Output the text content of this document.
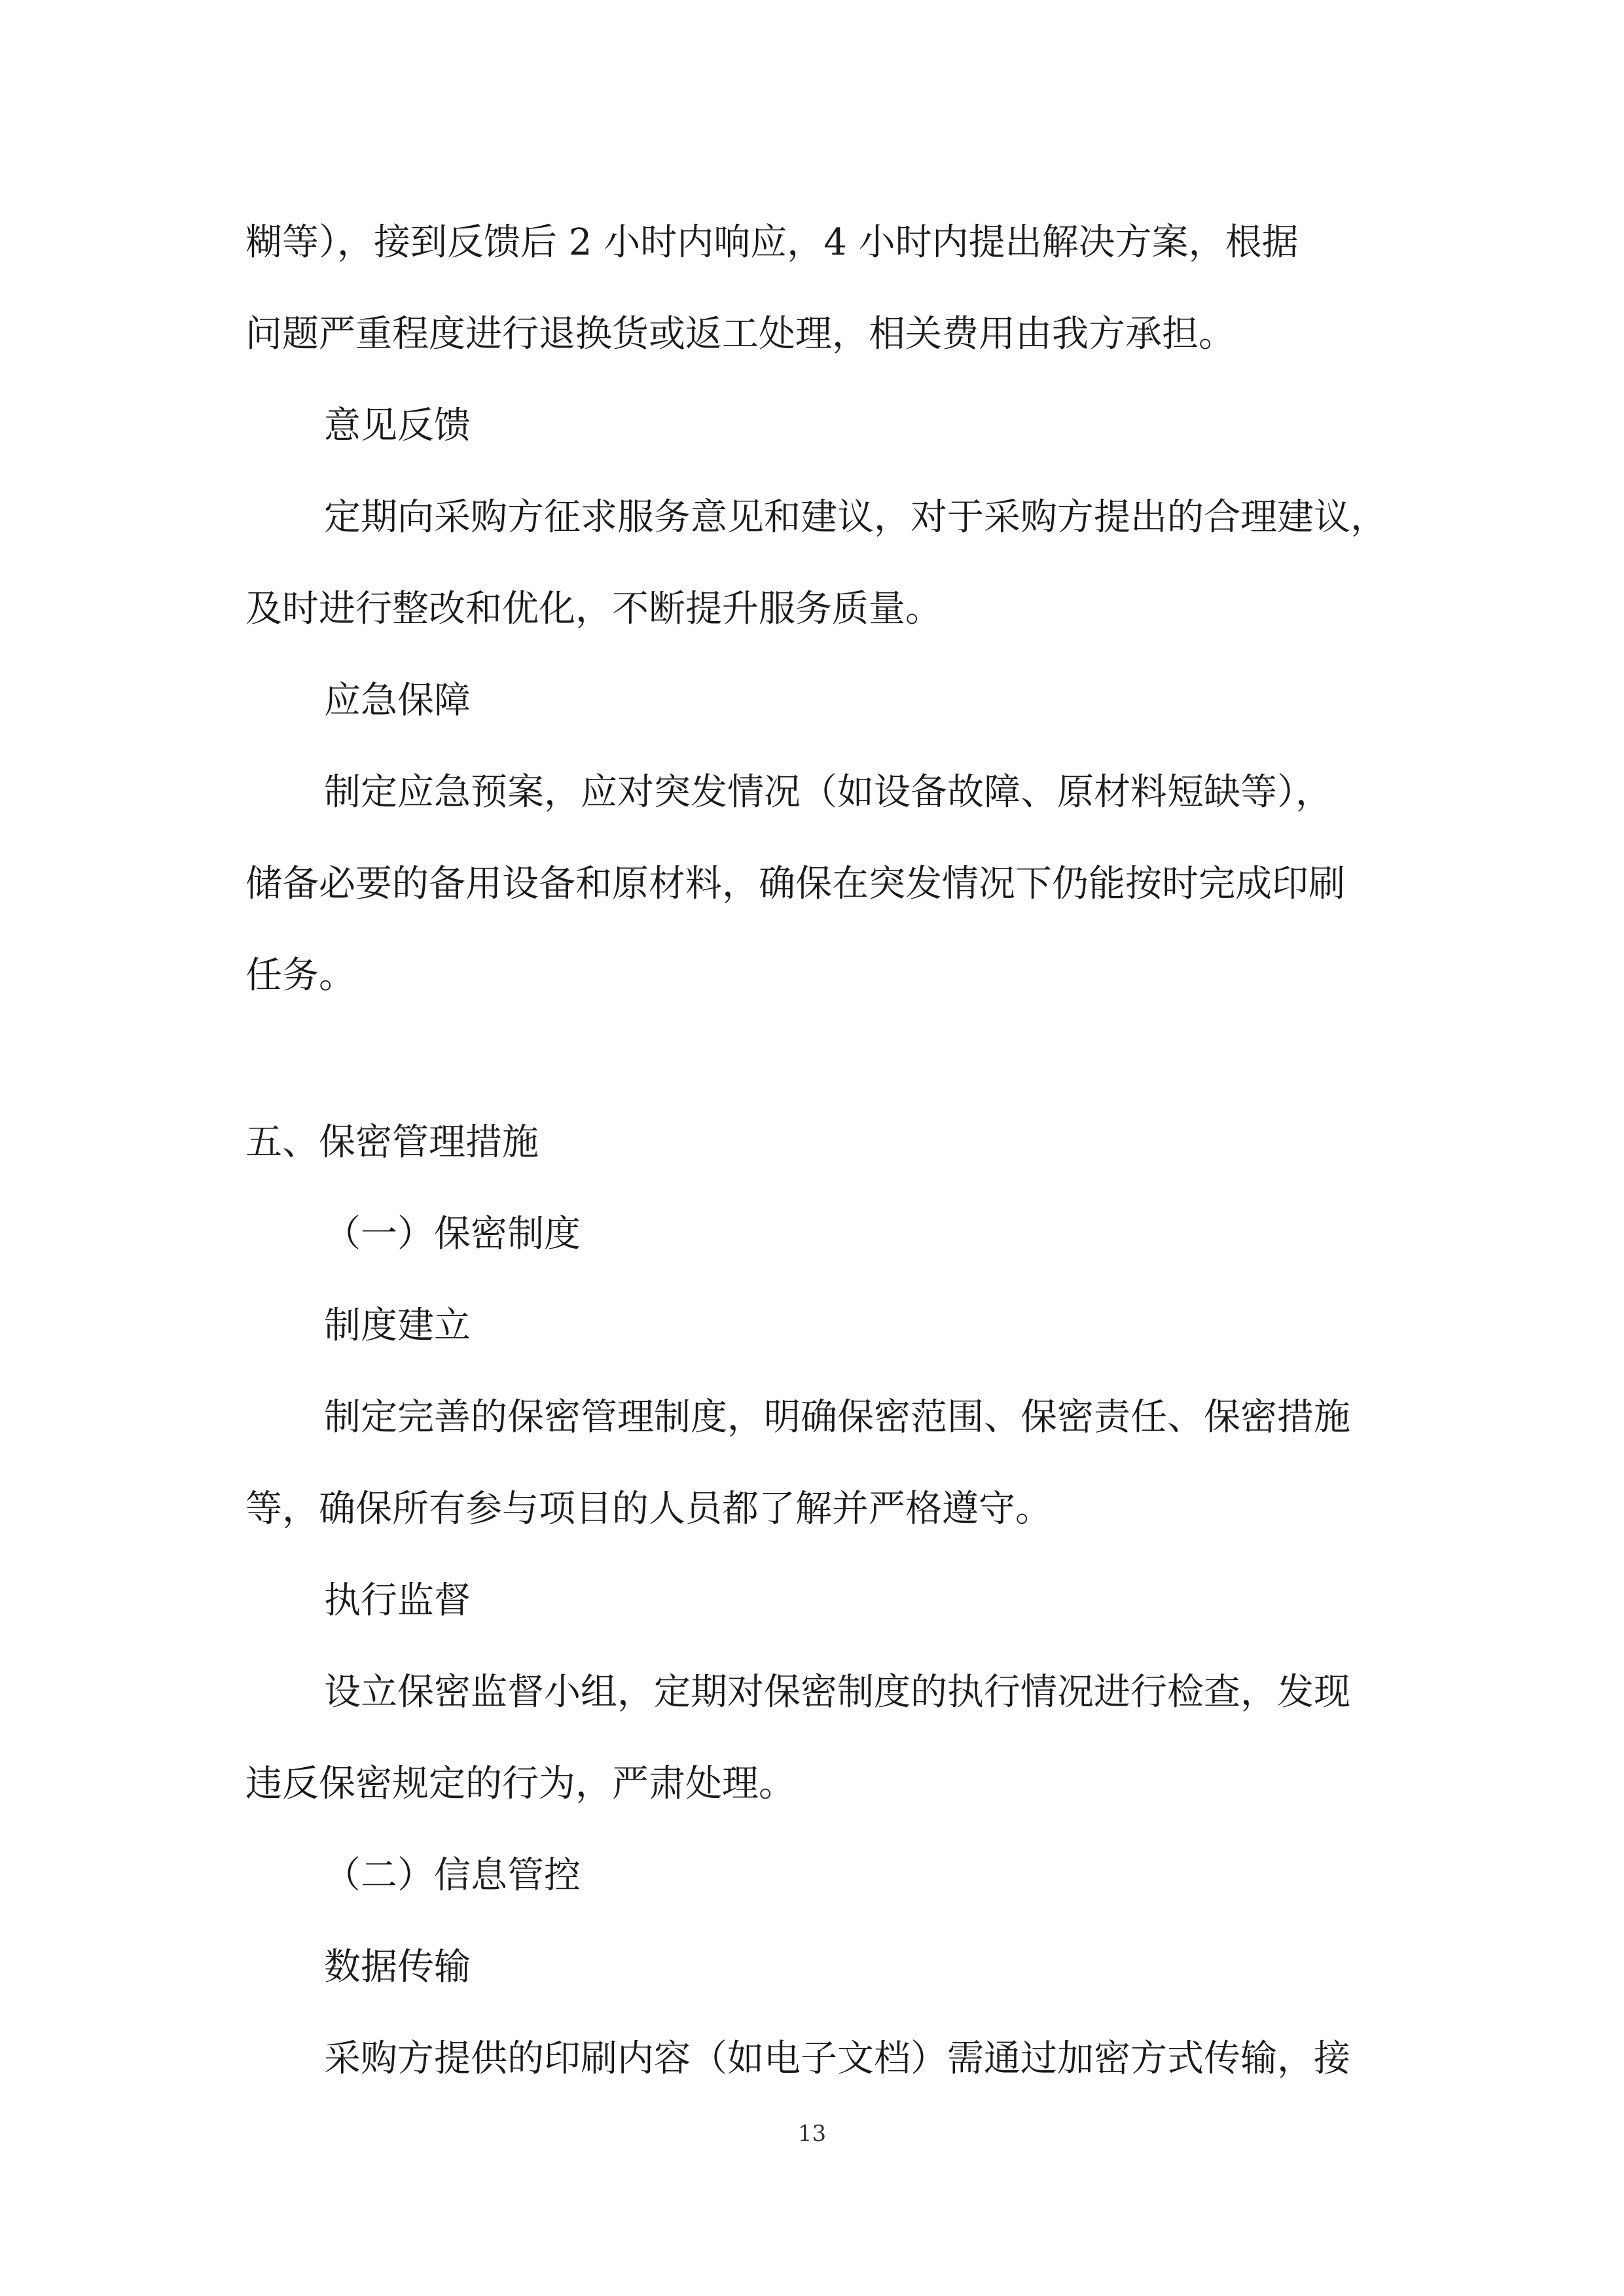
糊等），接到反馈后 2 小时内响应，4 小时内提出解决方案，根据
问题严重程度进行退换货或返工处理，相关费用由我方承担。
意见反馈
定期向采购方征求服务意见和建议，对于采购方提出的合理建议，
及时进行整改和优化，不断提升服务质量。
应急保障
制定应急预案，应对突发情况（如设备故障、原材料短缺等），
储备必要的备用设备和原材料，确保在突发情况下仍能按时完成印刷
任务。
五、保密管理措施
（一）保密制度
制度建立
制定完善的保密管理制度，明确保密范围、保密责任、保密措施
等，确保所有参与项目的人员都了解并严格遵守。
执行监督
设立保密监督小组，定期对保密制度的执行情况进行检查，发现
违反保密规定的行为，严肃处理。
（二）信息管控
数据传输
采购方提供的印刷内容（如电子文档）需通过加密方式传输，接
13
